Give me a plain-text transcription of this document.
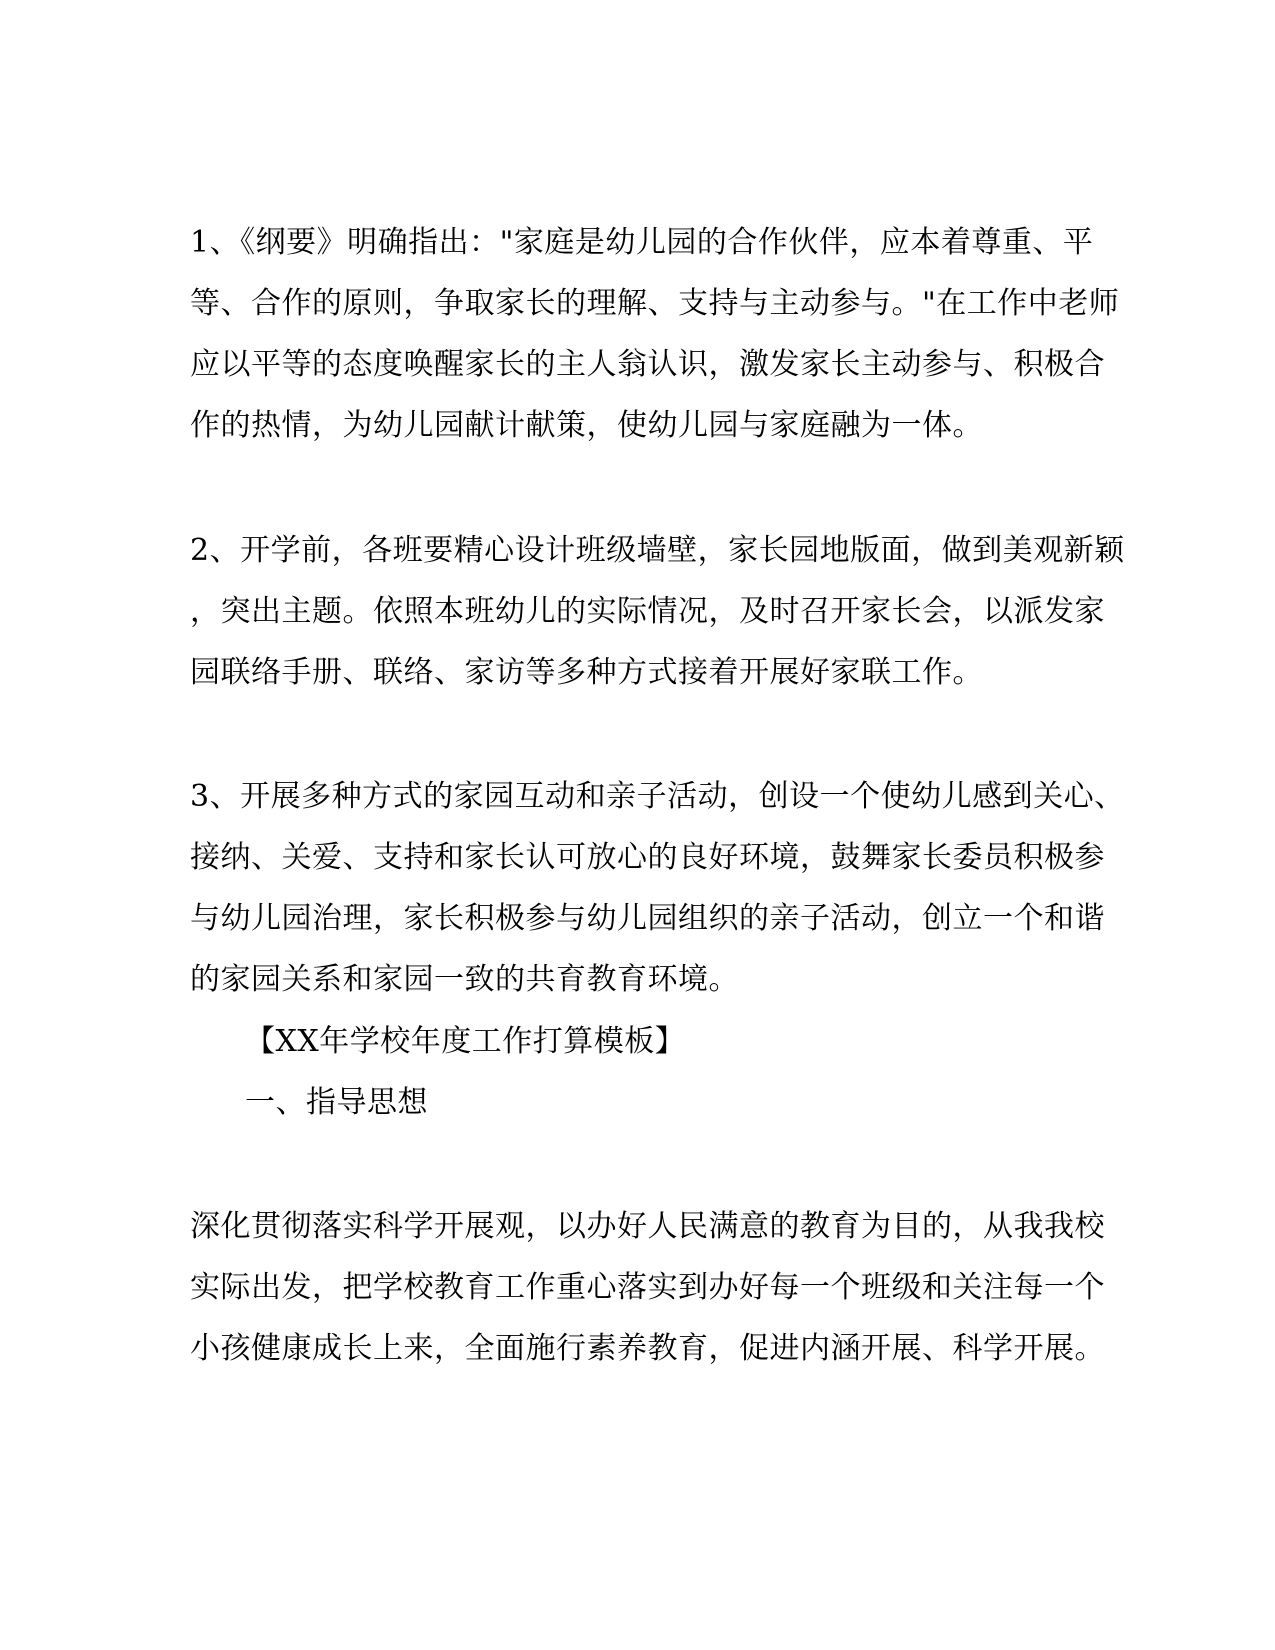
1、《纲要》明确指出："家庭是幼儿园的合作伙伴，应本着尊重、平
等、合作的原则，争取家长的理解、支持与主动参与。"在工作中老师
应以平等的态度唤醒家长的主人翁认识，激发家长主动参与、积极合
作的热情，为幼儿园献计献策，使幼儿园与家庭融为一体。
2、开学前，各班要精心设计班级墙壁，家长园地版面，做到美观新颖
，突出主题。依照本班幼儿的实际情况，及时召开家长会，以派发家
园联络手册、联络、家访等多种方式接着开展好家联工作。
3、开展多种方式的家园互动和亲子活动，创设一个使幼儿感到关心、
接纳、关爱、支持和家长认可放心的良好环境，鼓舞家长委员积极参
与幼儿园治理，家长积极参与幼儿园组织的亲子活动，创立一个和谐
的家园关系和家园一致的共育教育环境。
【XX年学校年度工作打算模板】
一、指导思想
深化贯彻落实科学开展观，以办好人民满意的教育为目的，从我我校
实际出发，把学校教育工作重心落实到办好每一个班级和关注每一个
小孩健康成长上来，全面施行素养教育，促进内涵开展、科学开展。
